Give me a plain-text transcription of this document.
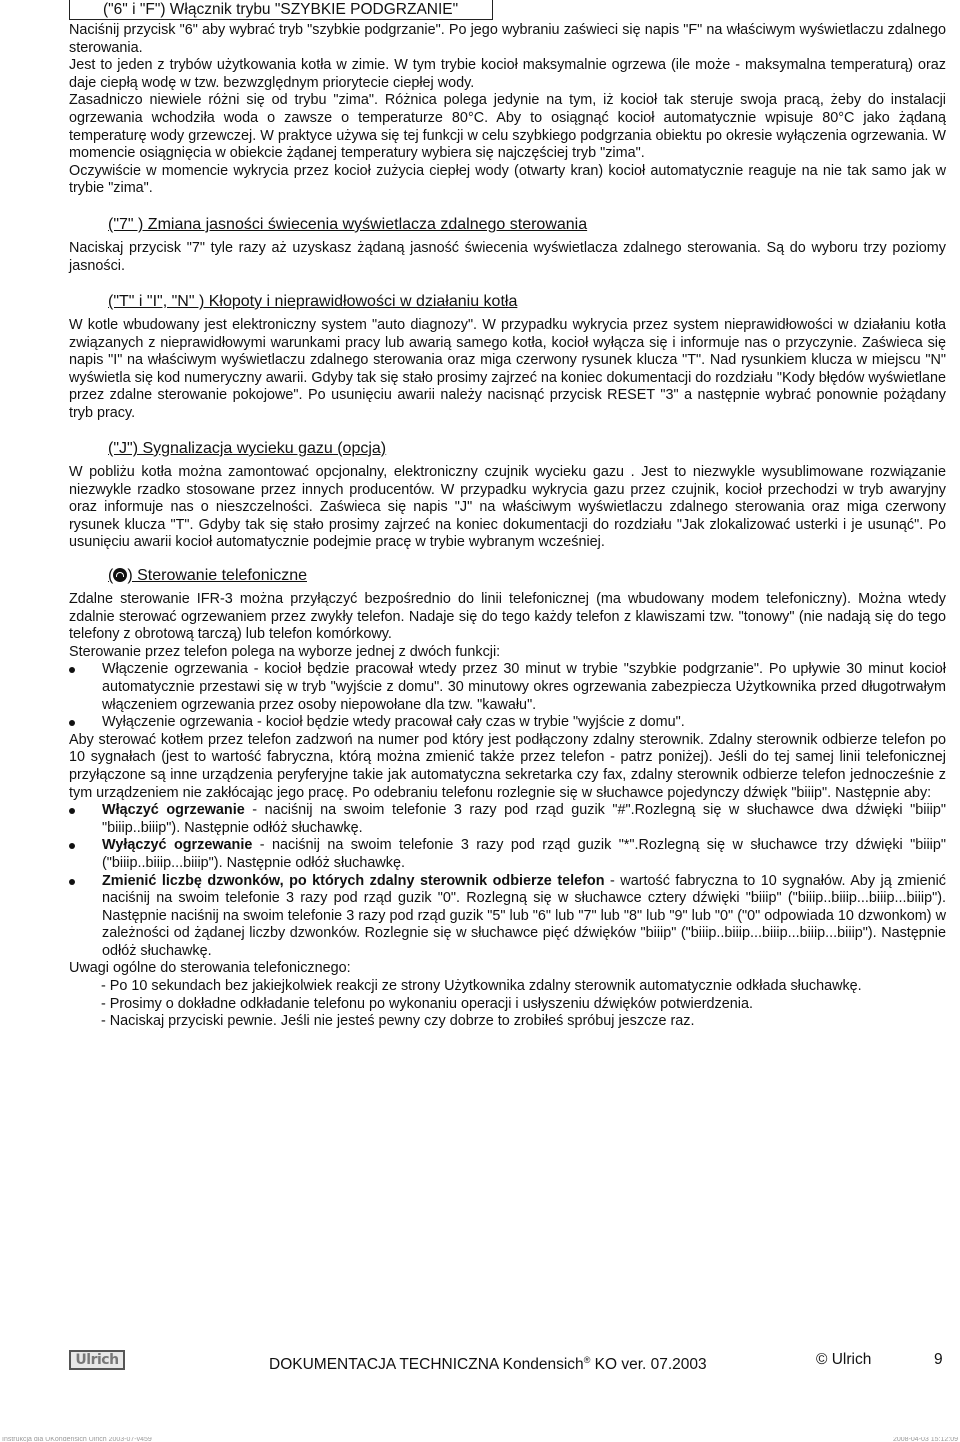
("6" i "F") Włącznik trybu "SZYBKIE PODGRZANIE"

Naciśnij przycisk "6" aby wybrać tryb "szybkie podgrzanie". Po jego wybraniu zaświeci się napis "F" na właściwym wyświetlaczu zdalnego sterowania.

Jest to jeden z trybów użytkowania kotła w zimie. W tym trybie kocioł maksymalnie ogrzewa (ile może - maksymalna temperaturą) oraz daje ciepłą wodę w tzw. bezwzględnym priorytecie ciepłej wody.

Zasadniczo niewiele różni się od trybu "zima". Różnica polega jedynie na tym, iż kocioł tak steruje swoja pracą, żeby do instalacji ogrzewania wchodziła woda o zawsze o temperaturze 80°C. Aby to osiągnąć kocioł automatycznie wpisuje 80°C jako żądaną temperaturę wody grzewczej. W praktyce używa się tej funkcji w celu szybkiego podgrzania obiektu po okresie wyłączenia ogrzewania. W momencie osiągnięcia w obiekcie żądanej temperatury wybiera się najczęściej tryb "zima".

Oczywiście w momencie wykrycia przez kocioł zużycia ciepłej wody (otwarty kran) kocioł automatycznie reaguje na nie tak samo jak w trybie "zima".

("7" ) Zmiana jasności świecenia wyświetlacza zdalnego sterowania

Naciskaj przycisk "7" tyle razy aż uzyskasz żądaną jasność świecenia wyświetlacza zdalnego sterowania. Są do wyboru trzy poziomy jasności.

("T" i "I", "N" ) Kłopoty i nieprawidłowości w działaniu kotła

W kotle wbudowany jest elektroniczny system "auto diagnozy". W przypadku wykrycia przez system nieprawidłowości w działaniu kotła związanych z nieprawidłowymi warunkami pracy lub awarią samego kotła, kocioł wyłącza się i informuje nas o przyczynie. Zaświeca się napis "I" na właściwym wyświetlaczu zdalnego sterowania oraz miga czerwony rysunek klucza "T". Nad rysunkiem klucza w miejscu "N" wyświetla się kod numeryczny awarii. Gdyby tak się stało prosimy zajrzeć na koniec dokumentacji do rozdziału "Kody błędów wyświetlane przez zdalne sterowanie pokojowe". Po usunięciu awarii należy nacisnąć przycisk RESET "3" a następnie wybrać ponownie pożądany tryb pracy.

("J") Sygnalizacja wycieku gazu (opcja)

W pobliżu kotła można zamontować opcjonalny, elektroniczny czujnik wycieku gazu . Jest to niezwykle wysublimowane rozwiązanie niezwykle rzadko stosowane przez innych producentów. W przypadku wykrycia gazu przez czujnik, kocioł przechodzi w tryb awaryjny oraz informuje nas o nieszczelności. Zaświeca się napis "J" na właściwym wyświetlaczu zdalnego sterowania oraz miga czerwony rysunek klucza "T". Gdyby tak się stało prosimy zajrzeć na koniec dokumentacji do rozdziału "Jak zlokalizować usterki i je usunąć". Po usunięciu awarii kocioł automatycznie podejmie pracę w trybie wybranym wcześniej.

( ) Sterowanie telefoniczne

Zdalne sterowanie IFR-3 można przyłączyć bezpośrednio do linii telefonicznej (ma wbudowany modem telefoniczny). Można wtedy zdalnie sterować ogrzewaniem przez zwykły telefon. Nadaje się do tego każdy telefon z klawiszami tzw. "tonowy" (nie nadają się do tego telefony z obrotową tarczą) lub telefon komórkowy.

Sterowanie przez telefon polega na wyborze jednej z dwóch funkcji:

Włączenie ogrzewania - kocioł będzie pracował wtedy przez 30 minut w trybie "szybkie podgrzanie". Po upływie 30 minut kocioł automatycznie przestawi się w tryb "wyjście z domu". 30 minutowy okres ogrzewania zabezpiecza Użytkownika przed długotrwałym włączeniem ogrzewania przez osoby niepowołane dla tzw. "kawału".
Wyłączenie ogrzewania - kocioł będzie wtedy pracował cały czas w trybie "wyjście z domu".

Aby sterować kotłem przez telefon zadzwoń na numer pod który jest podłączony zdalny sterownik. Zdalny sterownik odbierze telefon po 10 sygnałach (jest to wartość fabryczna, którą można zmienić także przez telefon - patrz poniżej). Jeśli do tej samej linii telefonicznej przyłączone są inne urządzenia peryferyjne takie jak automatyczna sekretarka czy fax, zdalny sterownik odbierze telefon jednocześnie z tym urządzeniem nie zakłócając jego pracę. Po odebraniu telefonu rozlegnie się w słuchawce pojedynczy dźwięk "biiip". Następnie aby:

Włączyć ogrzewanie - naciśnij na swoim telefonie 3 razy pod rząd guzik "#".Rozlegną się w słuchawce dwa dźwięki "biiip" "biiip..biiip"). Następnie odłóż słuchawkę.
Wyłączyć ogrzewanie - naciśnij na swoim telefonie 3 razy pod rząd guzik "*".Rozlegną się w słuchawce trzy dźwięki "biiip" ("biiip..biiip...biiip"). Następnie odłóż słuchawkę.
Zmienić liczbę dzwonków, po których zdalny sterownik odbierze telefon - wartość fabryczna to 10 sygnałów. Aby ją zmienić naciśnij na swoim telefonie 3 razy pod rząd guzik "0". Rozlegną się w słuchawce cztery dźwięki "biiip" ("biiip..biiip...biiip...biiip"). Następnie naciśnij na swoim telefonie 3 razy pod rząd guzik "5" lub "6" lub "7" lub "8" lub "9" lub "0" ("0" odpowiada 10 dzwonkom) w zależności od żądanej liczby dzwonków. Rozlegnie się w słuchawce pięć dźwięków "biiip" ("biiip..biiip...biiip...biiip...biiip"). Następnie odłóż słuchawkę.

Uwagi ogólne do sterowania telefonicznego:

- Po 10 sekundach bez jakiejkolwiek reakcji ze strony Użytkownika zdalny sterownik automatycznie odkłada słuchawkę.
- Prosimy o dokładne odkładanie telefonu po wykonaniu operacji i usłyszeniu dźwięków potwierdzenia.
- Naciskaj przyciski pewnie. Jeśli nie jesteś pewny czy dobrze to zrobiłeś spróbuj jeszcze raz.
Ulrich	DOKUMENTACJA TECHNICZNA Kondensich® KO ver. 07.2003	© Ulrich	9
Instrukcja dla UKondensich Ulrich 2003-07-v459	2008-04-03 15:12:09
